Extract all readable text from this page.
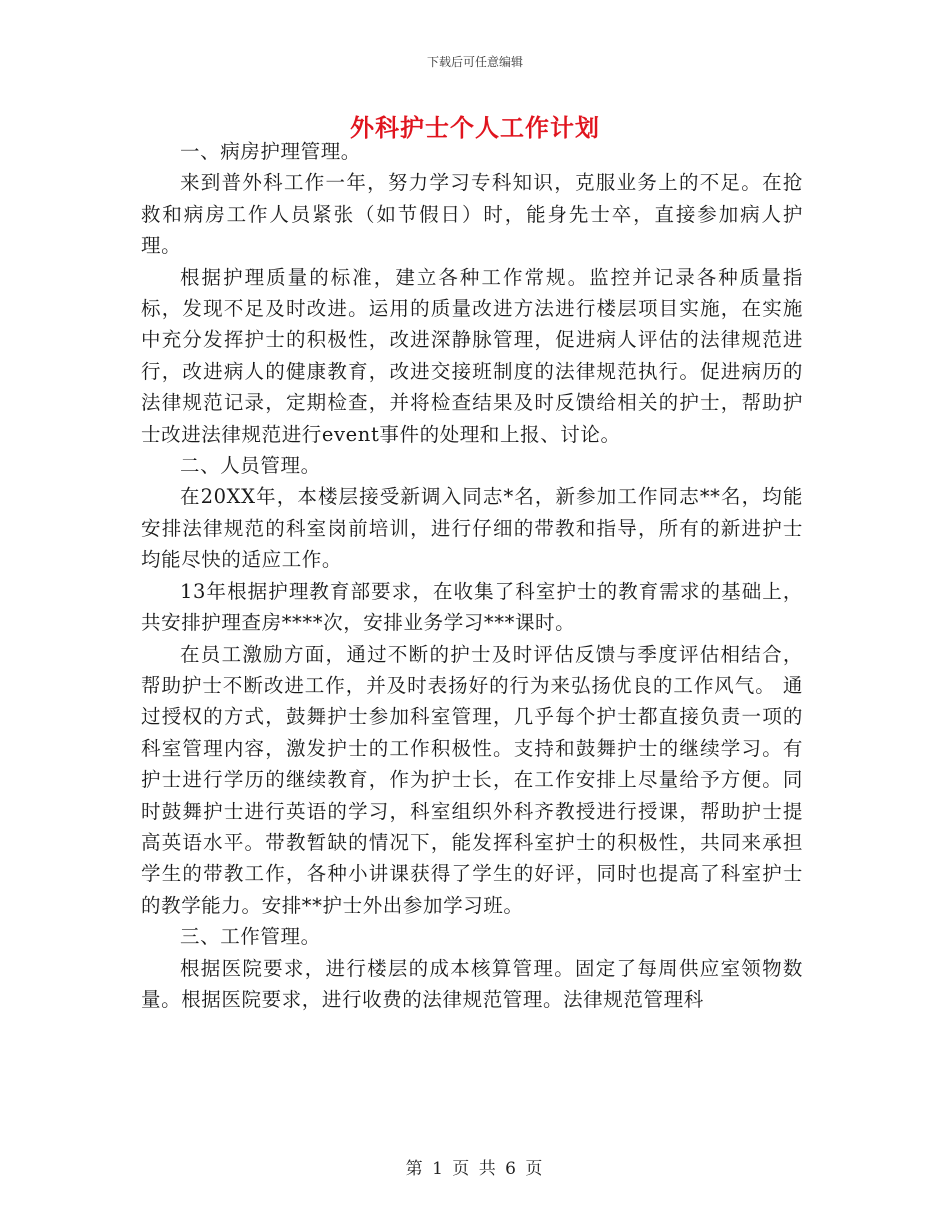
下载后可任意编辑
外科护士个人工作计划

一、病房护理管理。

来到普外科工作一年，努力学习专科知识，克服业务上的不足。在抢救和病房工作人员紧张（如节假日）时，能身先士卒，直接参加病人护理。

根据护理质量的标准，建立各种工作常规。监控并记录各种质量指标，发现不足及时改进。运用的质量改进方法进行楼层项目实施，在实施中充分发挥护士的积极性，改进深静脉管理，促进病人评估的法律规范进行，改进病人的健康教育，改进交接班制度的法律规范执行。促进病历的法律规范记录，定期检查，并将检查结果及时反馈给相关的护士，帮助护士改进法律规范进行event事件的处理和上报、讨论。

二、人员管理。

在20XX年，本楼层接受新调入同志*名，新参加工作同志**名，均能安排法律规范的科室岗前培训，进行仔细的带教和指导，所有的新进护士均能尽快的适应工作。

13年根据护理教育部要求，在收集了科室护士的教育需求的基础上，共安排护理查房****次，安排业务学习***课时。

在员工激励方面，通过不断的护士及时评估反馈与季度评估相结合，帮助护士不断改进工作，并及时表扬好的行为来弘扬优良的工作风气。 通过授权的方式，鼓舞护士参加科室管理，几乎每个护士都直接负责一项的科室管理内容，激发护士的工作积极性。支持和鼓舞护士的继续学习。有护士进行学历的继续教育，作为护士长，在工作安排上尽量给予方便。同时鼓舞护士进行英语的学习，科室组织外科齐教授进行授课，帮助护士提高英语水平。带教暂缺的情况下，能发挥科室护士的积极性，共同来承担学生的带教工作，各种小讲课获得了学生的好评，同时也提高了科室护士的教学能力。安排**护士外出参加学习班。

三、工作管理。

根据医院要求，进行楼层的成本核算管理。固定了每周供应室领物数量。根据医院要求，进行收费的法律规范管理。法律规范管理科

第 1 页 共 6 页
